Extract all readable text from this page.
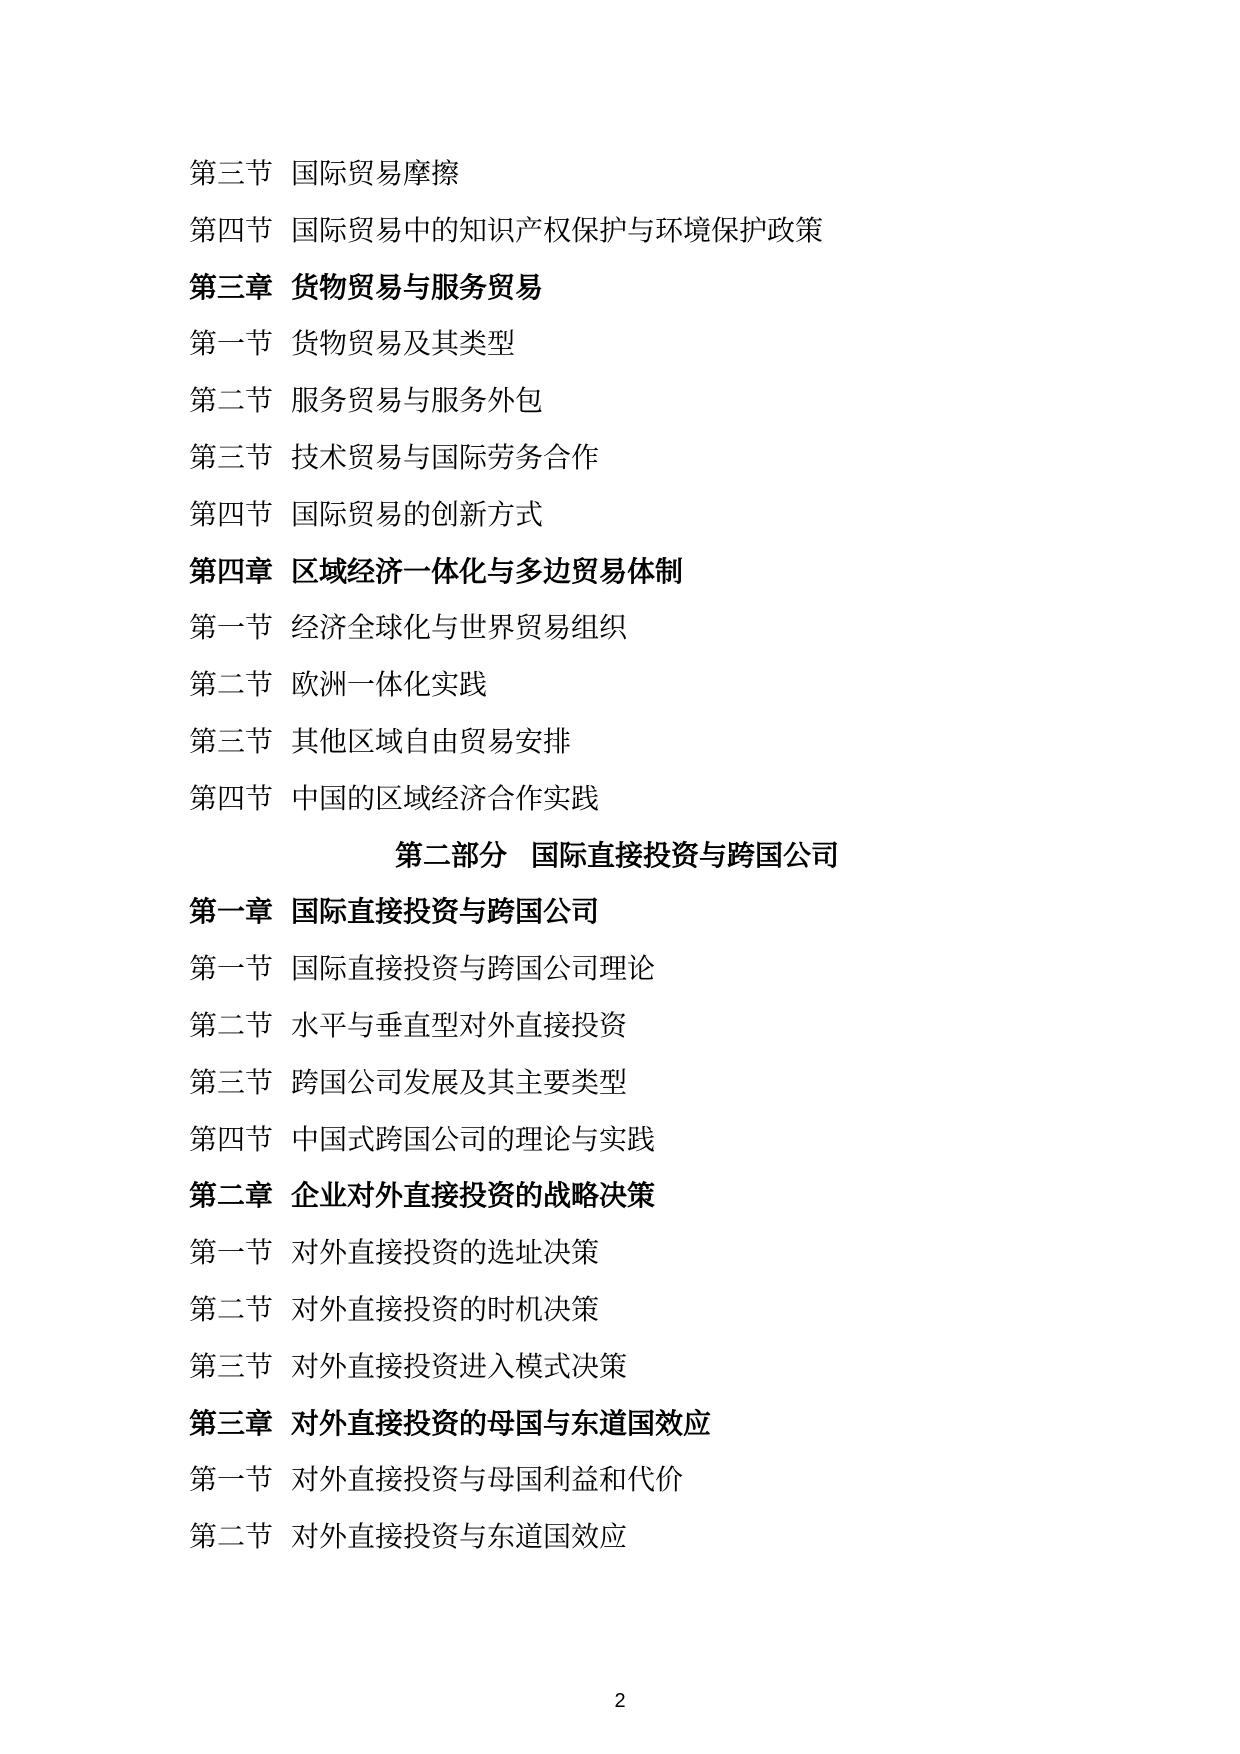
第三节 国际贸易摩擦
第四节 国际贸易中的知识产权保护与环境保护政策
第三章 货物贸易与服务贸易
第一节 货物贸易及其类型
第二节 服务贸易与服务外包
第三节 技术贸易与国际劳务合作
第四节 国际贸易的创新方式
第四章 区域经济一体化与多边贸易体制
第一节 经济全球化与世界贸易组织
第二节 欧洲一体化实践
第三节 其他区域自由贸易安排
第四节 中国的区域经济合作实践
第二部分 国际直接投资与跨国公司
第一章 国际直接投资与跨国公司
第一节 国际直接投资与跨国公司理论
第二节 水平与垂直型对外直接投资
第三节 跨国公司发展及其主要类型
第四节 中国式跨国公司的理论与实践
第二章 企业对外直接投资的战略决策
第一节 对外直接投资的选址决策
第二节 对外直接投资的时机决策
第三节 对外直接投资进入模式决策
第三章 对外直接投资的母国与东道国效应
第一节 对外直接投资与母国利益和代价
第二节 对外直接投资与东道国效应
2
